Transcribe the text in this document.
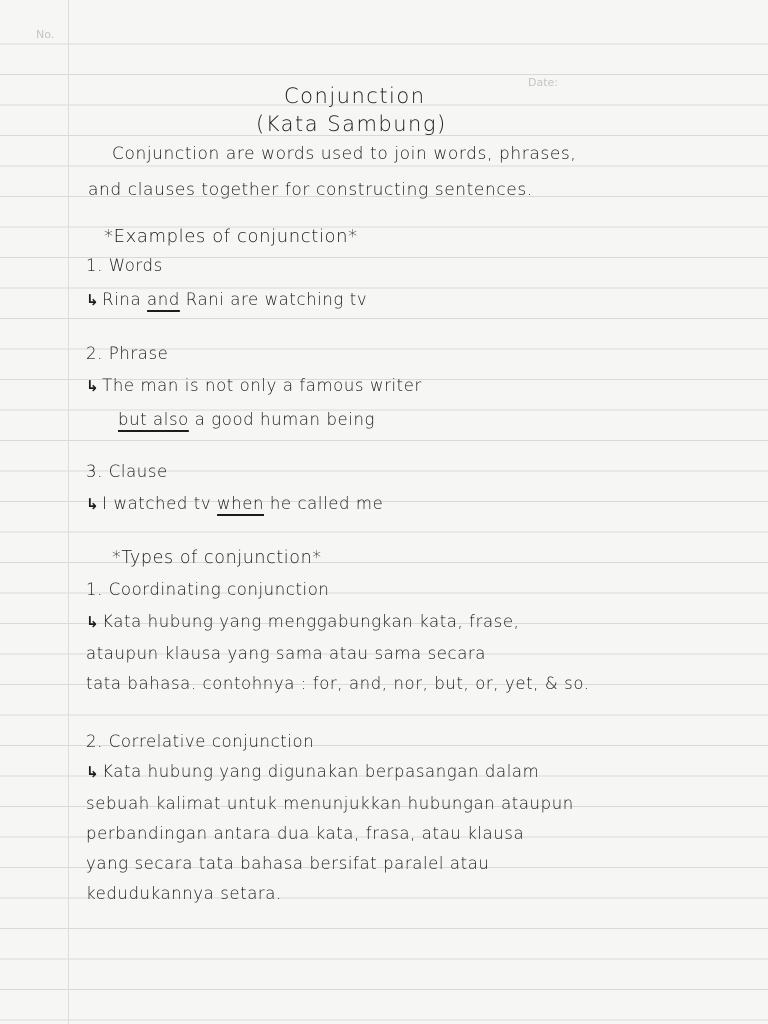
No.
Date:
Conjunction
(Kata Sambung)
Conjunction are words used to join words, phrases,
and clauses together for constructing sentences.
*Examples of conjunction*
1. Words
↳ Rina and Rani are watching tv
2. Phrase
↳ The man is not only a famous writer
but also a good human being
3. Clause
↳ I watched tv when he called me
*Types of conjunction*
1. Coordinating conjunction
↳ Kata hubung yang menggabungkan kata, frase,
ataupun klausa yang sama atau sama secara
tata bahasa. contohnya : for, and, nor, but, or, yet, & so.
2. Correlative conjunction
↳ Kata hubung yang digunakan berpasangan dalam
sebuah kalimat untuk menunjukkan hubungan ataupun
perbandingan antara dua kata, frasa, atau klausa
yang secara tata bahasa bersifat paralel atau
kedudukannya setara.
